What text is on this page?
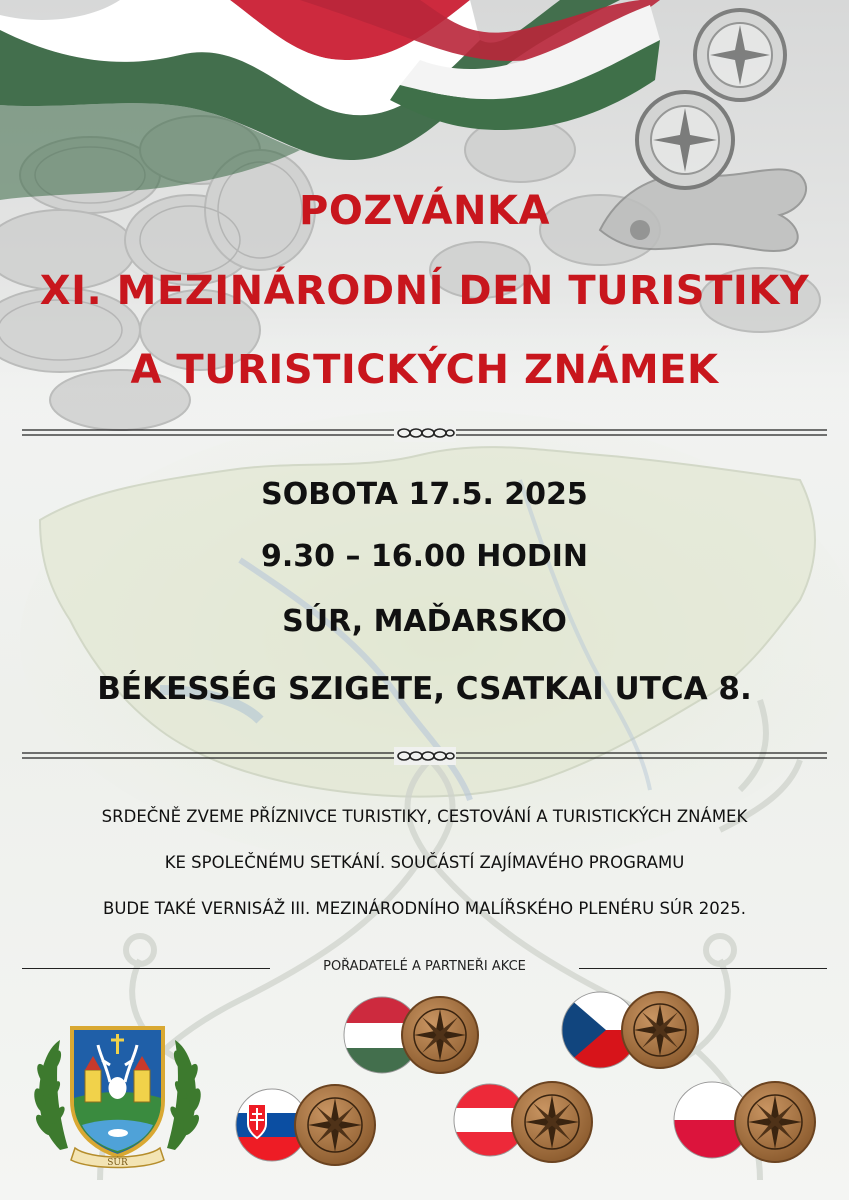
POZVÁNKA
XI. MEZINÁRODNÍ DEN TURISTIKY
A TURISTICKÝCH ZNÁMEK

SOBOTA 17.5. 2025

9.30 – 16.00 HODIN

SÚR, MAĎARSKO

BÉKESSÉG SZIGETE, CSATKAI UTCA 8.

SRDEČNĚ ZVEME PŘÍZNIVCE TURISTIKY, CESTOVÁNÍ A TURISTICKÝCH ZNÁMEK

KE SPOLEČNÉMU SETKÁNÍ. SOUČÁSTÍ ZAJÍMAVÉHO PROGRAMU

BUDE TAKÉ VERNISÁŽ III. MEZINÁRODNÍHO MALÍŘSKÉHO PLENÉRU SÚR 2025.

POŘADATELÉ A PARTNEŘI AKCE
SÚR
